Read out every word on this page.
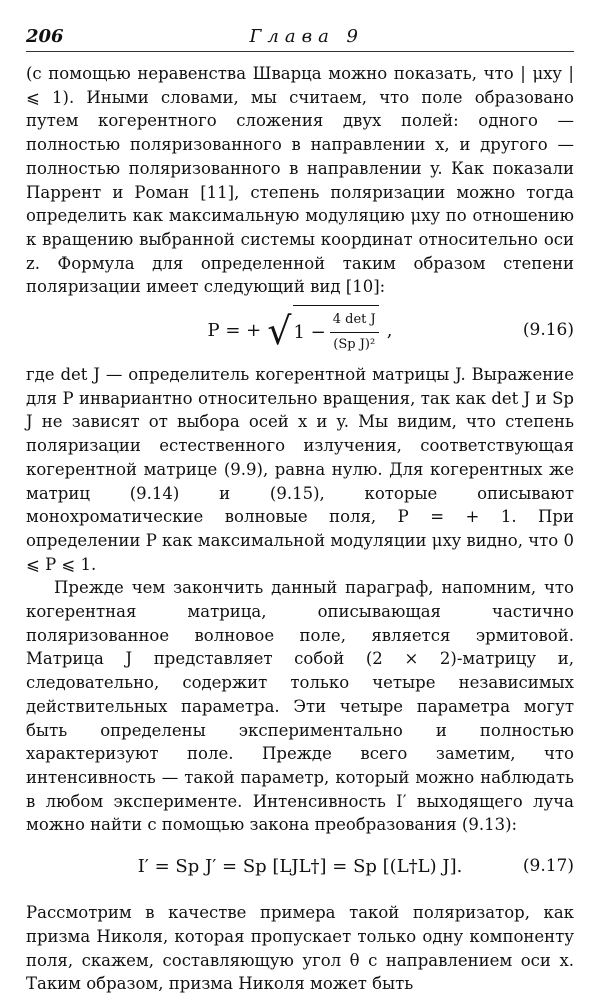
206	Глава 9

(с помощью неравенства Шварца можно показать, что | μxy | ⩽ 1). Иными словами, мы считаем, что поле образовано путем когерентного сложения двух полей: одного — полностью поляризованного в направлении x, и другого — полностью поляризованного в направлении y. Как показали Паррент и Роман [11], степень поляризации можно тогда определить как максимальную модуляцию μxy по отношению к вращению выбранной системы координат относительно оси z. Формула для определенной таким образом степени поляризации имеет следующий вид [10]:

P = + √ $1 - \frac{\text{4 det J}}{\text{(Sp J)²}}$ ,	(9.16)

где det J — определитель когерентной матрицы J. Выражение для P инвариантно относительно вращения, так как det J и Sp J не зависят от выбора осей x и y. Мы видим, что степень поляризации естественного излучения, соответствующая когерентной матрице (9.9), равна нулю. Для когерентных же матриц (9.14) и (9.15), которые описывают монохроматические волновые поля, P = + 1. При определении P как максимальной модуляции μxy видно, что 0 ⩽ P ⩽ 1.

Прежде чем закончить данный параграф, напомним, что когерентная матрица, описывающая частично поляризованное волновое поле, является эрмитовой. Матрица J представляет собой (2 × 2)-матрицу и, следовательно, содержит только четыре независимых действительных параметра. Эти четыре параметра могут быть определены экспериментально и полностью характеризуют поле. Прежде всего заметим, что интенсивность — такой параметр, который можно наблюдать в любом эксперименте. Интенсивность I′ выходящего луча можно найти с помощью закона преобразования (9.13):

I′ = Sp J′ = Sp [LJL†] = Sp [(L†L) J].	(9.17)

Рассмотрим в качестве примера такой поляризатор, как призма Николя, которая пропускает только одну компоненту поля, скажем, составляющую угол θ с направлением оси x. Таким образом, призма Николя может быть
